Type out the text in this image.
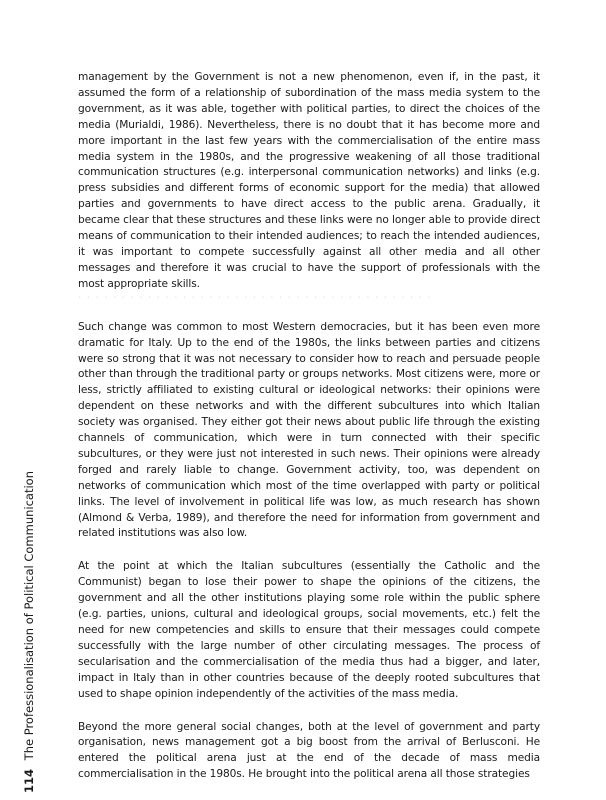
management by the Government is not a new phenomenon, even if, in the past, it assumed the form of a relationship of subordination of the mass media system to the government, as it was able, together with political parties, to direct the choices of the media (Murialdi, 1986). Nevertheless, there is no doubt that it has become more and more important in the last few years with the commercialisation of the entire mass media system in the 1980s, and the progressive weakening of all those traditional communication structures (e.g. interpersonal communication networks) and links (e.g. press subsidies and different forms of economic support for the media) that allowed parties and governments to have direct access to the public arena. Gradually, it became clear that these structures and these links were no longer able to provide direct means of communication to their intended audiences; to reach the intended audiences, it was important to compete successfully against all other media and all other messages and therefore it was crucial to have the support of professionals with the most appropriate skills.

· · · · · · · · · · · · · · · · · · · · · · · · · · · · · · · · · · · · · · · · ·

Such change was common to most Western democracies, but it has been even more dramatic for Italy. Up to the end of the 1980s, the links between parties and citizens were so strong that it was not necessary to consider how to reach and persuade people other than through the traditional party or groups networks. Most citizens were, more or less, strictly affiliated to existing cultural or ideological networks: their opinions were dependent on these networks and with the different subcultures into which Italian society was organised. They either got their news about public life through the existing channels of communication, which were in turn connected with their specific subcultures, or they were just not interested in such news. Their opinions were already forged and rarely liable to change. Government activity, too, was dependent on networks of communication which most of the time overlapped with party or political links. The level of involvement in political life was low, as much research has shown (Almond & Verba, 1989), and therefore the need for information from government and related institutions was also low.

At the point at which the Italian subcultures (essentially the Catholic and the Communist) began to lose their power to shape the opinions of the citizens, the government and all the other institutions playing some role within the public sphere (e.g. parties, unions, cultural and ideological groups, social movements, etc.) felt the need for new competencies and skills to ensure that their messages could compete successfully with the large number of other circulating messages. The process of secularisation and the commercialisation of the media thus had a bigger, and later, impact in Italy than in other countries because of the deeply rooted subcultures that used to shape opinion independently of the activities of the mass media.

Beyond the more general social changes, both at the level of government and party organisation, news management got a big boost from the arrival of Berlusconi. He entered the political arena just at the end of the decade of mass media commercialisation in the 1980s. He brought into the political arena all those strategies

114 The Professionalisation of Political Communication
